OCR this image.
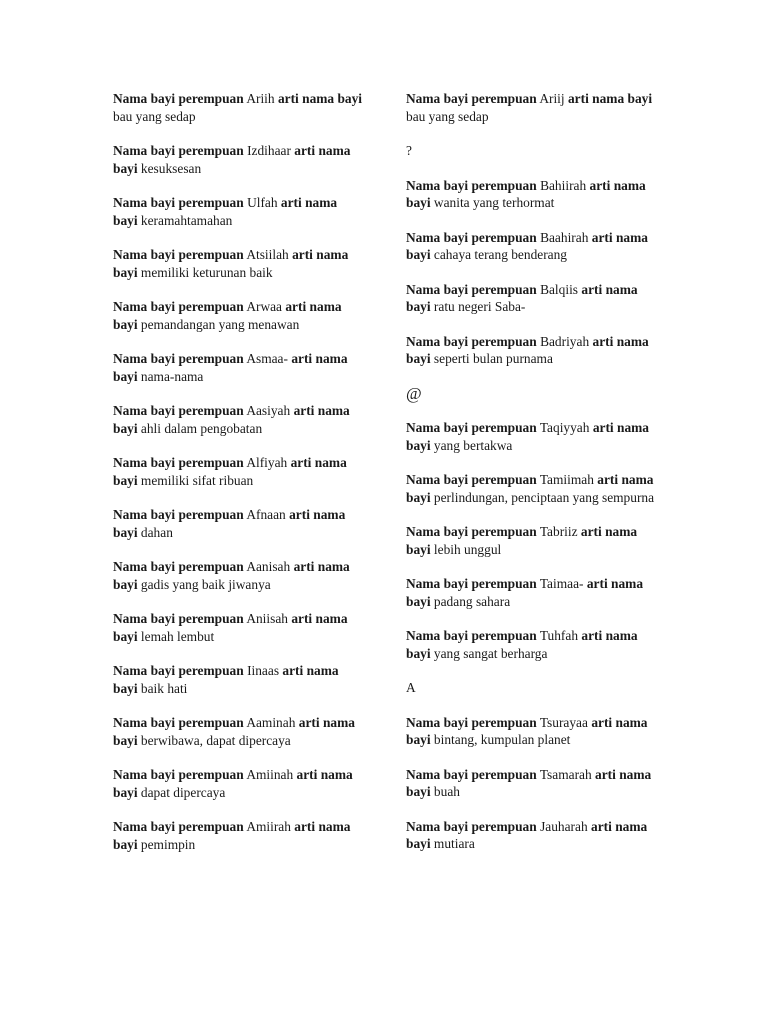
Nama bayi perempuan Ariih arti nama bayi bau yang sedap
Nama bayi perempuan Izdihaar arti nama bayi kesuksesan
Nama bayi perempuan Ulfah arti nama bayi keramahtamahan
Nama bayi perempuan Atsiilah arti nama bayi memiliki keturunan baik
Nama bayi perempuan Arwaa arti nama bayi pemandangan yang menawan
Nama bayi perempuan Asmaa- arti nama bayi nama-nama
Nama bayi perempuan Aasiyah arti nama bayi ahli dalam pengobatan
Nama bayi perempuan Alfiyah arti nama bayi memiliki sifat ribuan
Nama bayi perempuan Afnaan arti nama bayi dahan
Nama bayi perempuan Aanisah arti nama bayi gadis yang baik jiwanya
Nama bayi perempuan Aniisah arti nama bayi lemah lembut
Nama bayi perempuan Iinaas arti nama bayi baik hati
Nama bayi perempuan Aaminah arti nama bayi berwibawa, dapat dipercaya
Nama bayi perempuan Amiinah arti nama bayi dapat dipercaya
Nama bayi perempuan Amiirah arti nama bayi pemimpin
Nama bayi perempuan Ariij arti nama bayi bau yang sedap
?
Nama bayi perempuan Bahiirah arti nama bayi wanita yang terhormat
Nama bayi perempuan Baahirah arti nama bayi cahaya terang benderang
Nama bayi perempuan Balqiis arti nama bayi ratu negeri Saba-
Nama bayi perempuan Badriyah arti nama bayi seperti bulan purnama
@
Nama bayi perempuan Taqiyyah arti nama bayi yang bertakwa
Nama bayi perempuan Tamiimah arti nama bayi perlindungan, penciptaan yang sempurna
Nama bayi perempuan Tabriiz arti nama bayi lebih unggul
Nama bayi perempuan Taimaa- arti nama bayi padang sahara
Nama bayi perempuan Tuhfah arti nama bayi yang sangat berharga
A
Nama bayi perempuan Tsurayaa arti nama bayi bintang, kumpulan planet
Nama bayi perempuan Tsamarah arti nama bayi buah
Nama bayi perempuan Jauharah arti nama bayi mutiara
